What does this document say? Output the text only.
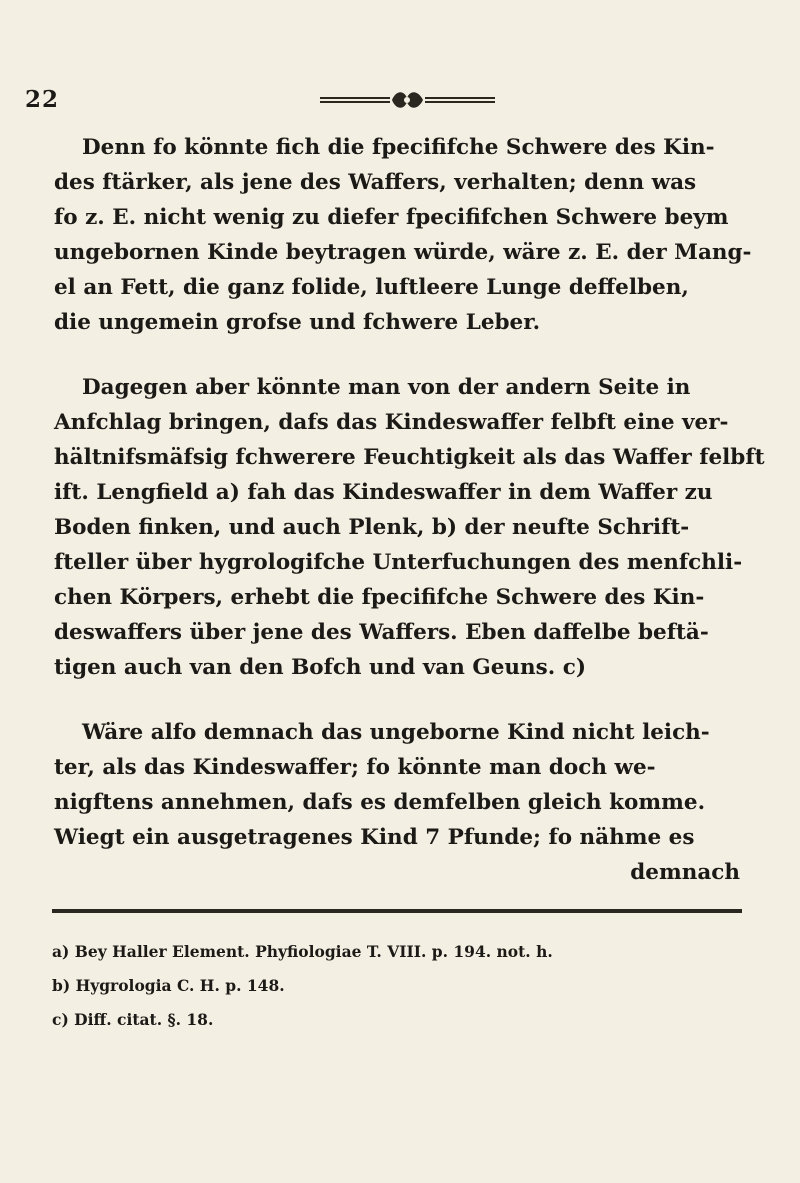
22
Denn fo könnte fich die fpecififche Schwere des Kin-
des ftärker, als jene des Waffers, verhalten; denn was
fo z. E. nicht wenig zu diefer fpecififchen Schwere beym
ungebornen Kinde beytragen würde, wäre z. E. der Mang-
el an Fett, die ganz folide, luftleere Lunge deffelben,
die ungemein grofse und fchwere Leber.
Dagegen aber könnte man von der andern Seite in
Anfchlag bringen, dafs das Kindeswaffer felbft eine ver-
hältnifsmäfsig fchwerere Feuchtigkeit als das Waffer felbft
ift. Lengfield a) fah das Kindeswaffer in dem Waffer zu
Boden finken, und auch Plenk, b) der neufte Schrift-
fteller über hygrologifche Unterfuchungen des menfchli-
chen Körpers, erhebt die fpecififche Schwere des Kin-
deswaffers über jene des Waffers. Eben daffelbe beftä-
tigen auch van den Bofch und van Geuns. c)
Wäre alfo demnach das ungeborne Kind nicht leich-
ter, als das Kindeswaffer; fo könnte man doch we-
nigftens annehmen, dafs es demfelben gleich komme.
Wiegt ein ausgetragenes Kind 7 Pfunde; fo nähme es
demnach
a) Bey Haller Element. Phyfiologiae T. VIII. p. 194. not. h.
b) Hygrologia C. H. p. 148.
c) Diff. citat. §. 18.
